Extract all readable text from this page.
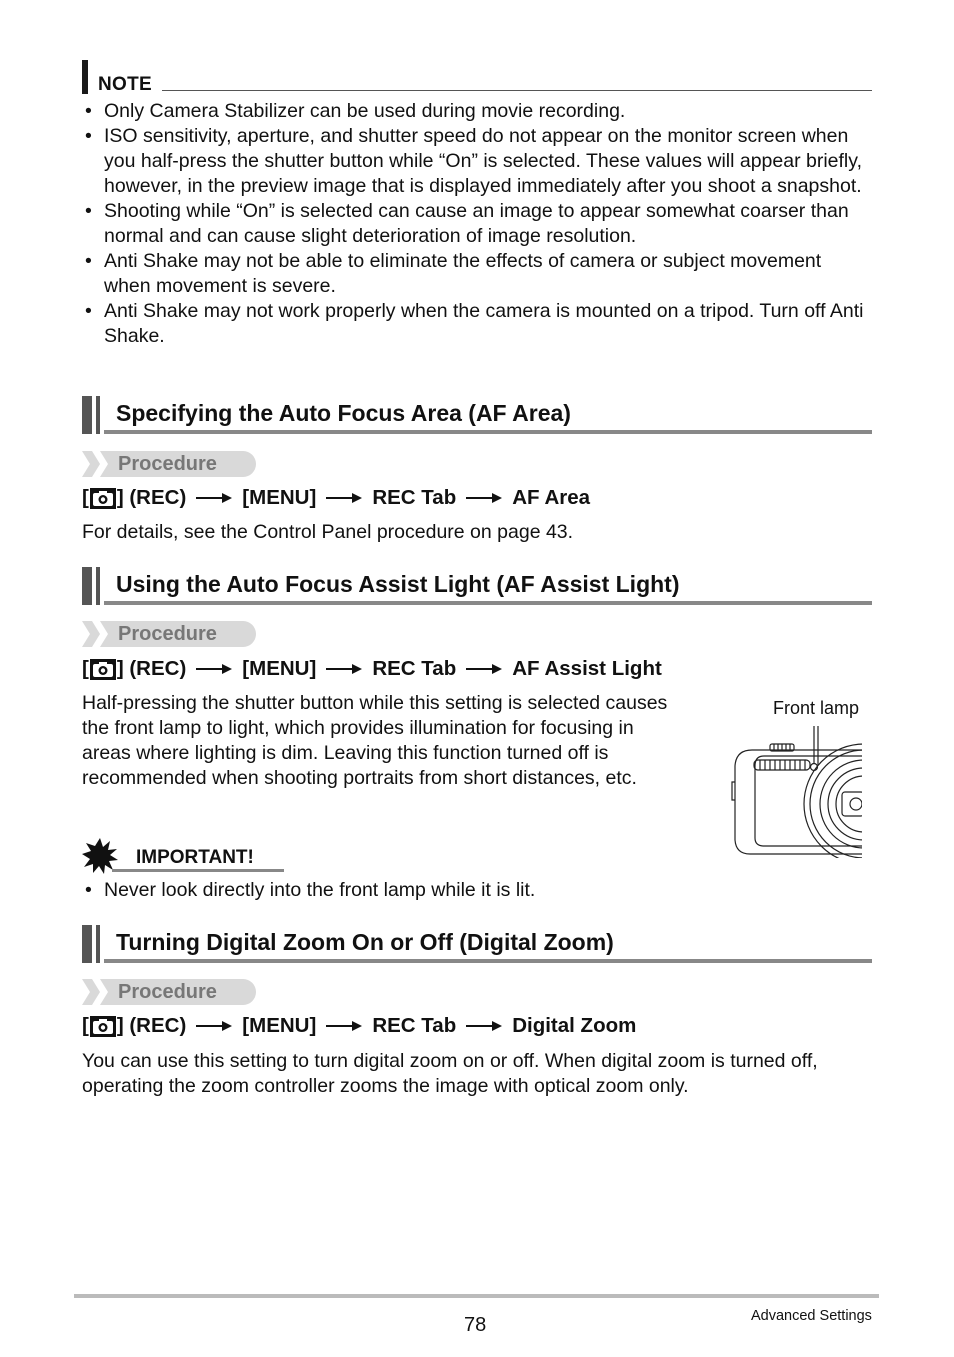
NOTE
• Only Camera Stabilizer can be used during movie recording.
• ISO sensitivity, aperture, and shutter speed do not appear on the monitor screen when you half-press the shutter button while “On” is selected. These values will appear briefly, however, in the preview image that is displayed immediately after you shoot a snapshot.
• Shooting while “On” is selected can cause an image to appear somewhat coarser than normal and can cause slight deterioration of image resolution.
• Anti Shake may not be able to eliminate the effects of camera or subject movement when movement is severe.
• Anti Shake may not work properly when the camera is mounted on a tripod. Turn off Anti Shake.
Specifying the Auto Focus Area (AF Area)
Procedure
[ ] (REC)	[MENU]	REC Tab	AF Area

For details, see the Control Panel procedure on page 43.

Using the Auto Focus Assist Light (AF Assist Light)
Procedure
[ ] (REC)	[MENU]	REC Tab	AF Assist Light

Half-pressing the shutter button while this setting is selected causes the front lamp to light, which provides illumination for focusing in areas where lighting is dim. Leaving this function turned off is recommended when shooting portraits from short distances, etc.

Front lamp
IMPORTANT!
• Never look directly into the front lamp while it is lit.
Turning Digital Zoom On or Off (Digital Zoom)
Procedure
[ ] (REC)	[MENU]	REC Tab	Digital Zoom

You can use this setting to turn digital zoom on or off. When digital zoom is turned off, operating the zoom controller zooms the image with optical zoom only.

78	Advanced Settings
